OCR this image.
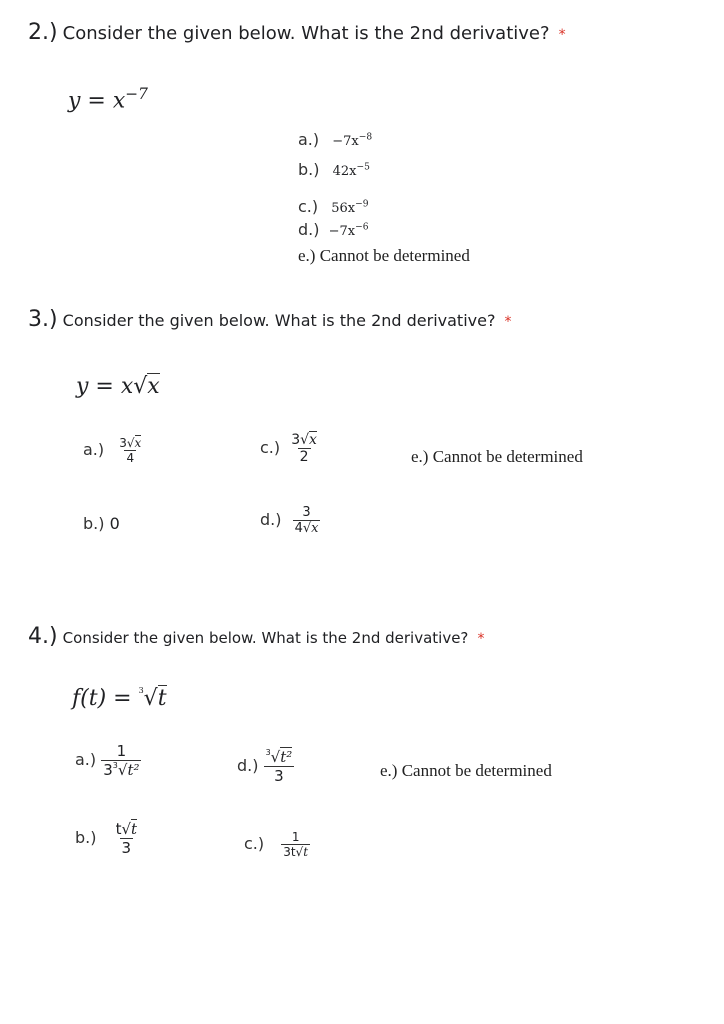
2.) Consider the given below. What is the 2nd derivative? *
$y = x^{-7}$
$a.) -7x^{-8}$
b.) $42x^{-5}$
c.) $56x^{-9}$
$d.) -7x^{-6}$
e.) Cannot be determined
3.) Consider the given below. What is the 2nd derivative? *
y = x√x
$a.) \frac{3√x}{4}$	$c.) \frac{3√x}{2}$	e.) Cannot be determined
b.) 0	$d.) \frac{3}{4√x}$
4.) Consider the given below. What is the 2nd derivative? *
f(t) = $^3$√t
$a.) \frac{1}{3^3√t^2}$	$d.) \frac{^3√t^2}{3}$	e.) Cannot be determined
$b.) \frac{t√t}{3}$	$c.) \frac{1}{3t√t}$
